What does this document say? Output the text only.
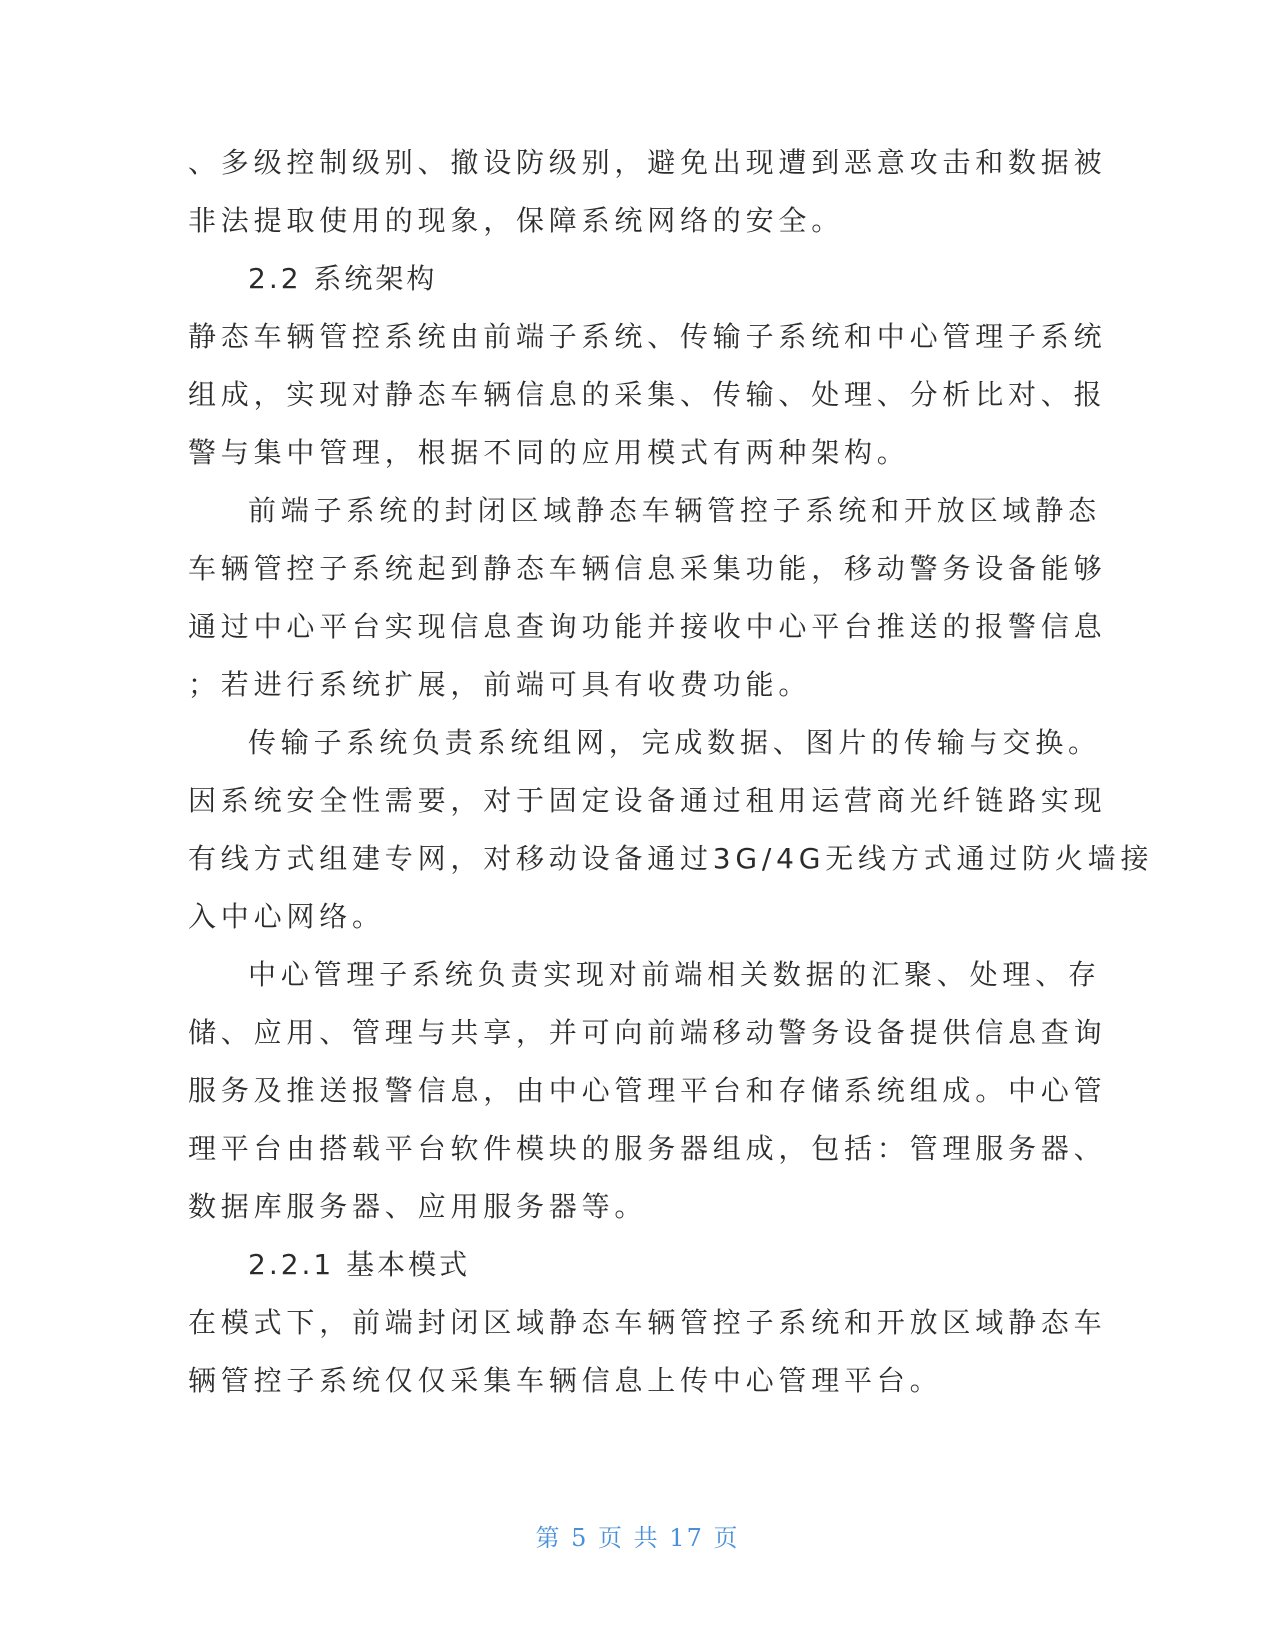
、多级控制级别、撤设防级别，避免出现遭到恶意攻击和数据被
非法提取使用的现象，保障系统网络的安全。
2.2 系统架构
静态车辆管控系统由前端子系统、传输子系统和中心管理子系统
组成，实现对静态车辆信息的采集、传输、处理、分析比对、报
警与集中管理，根据不同的应用模式有两种架构。
前端子系统的封闭区域静态车辆管控子系统和开放区域静态
车辆管控子系统起到静态车辆信息采集功能，移动警务设备能够
通过中心平台实现信息查询功能并接收中心平台推送的报警信息
；若进行系统扩展，前端可具有收费功能。
传输子系统负责系统组网，完成数据、图片的传输与交换。
因系统安全性需要，对于固定设备通过租用运营商光纤链路实现
有线方式组建专网，对移动设备通过3G/4G无线方式通过防火墙接
入中心网络。
中心管理子系统负责实现对前端相关数据的汇聚、处理、存
储、应用、管理与共享，并可向前端移动警务设备提供信息查询
服务及推送报警信息，由中心管理平台和存储系统组成。中心管
理平台由搭载平台软件模块的服务器组成，包括：管理服务器、
数据库服务器、应用服务器等。
2.2.1 基本模式
在模式下，前端封闭区域静态车辆管控子系统和开放区域静态车
辆管控子系统仅仅采集车辆信息上传中心管理平台。
第 5 页 共 17 页
